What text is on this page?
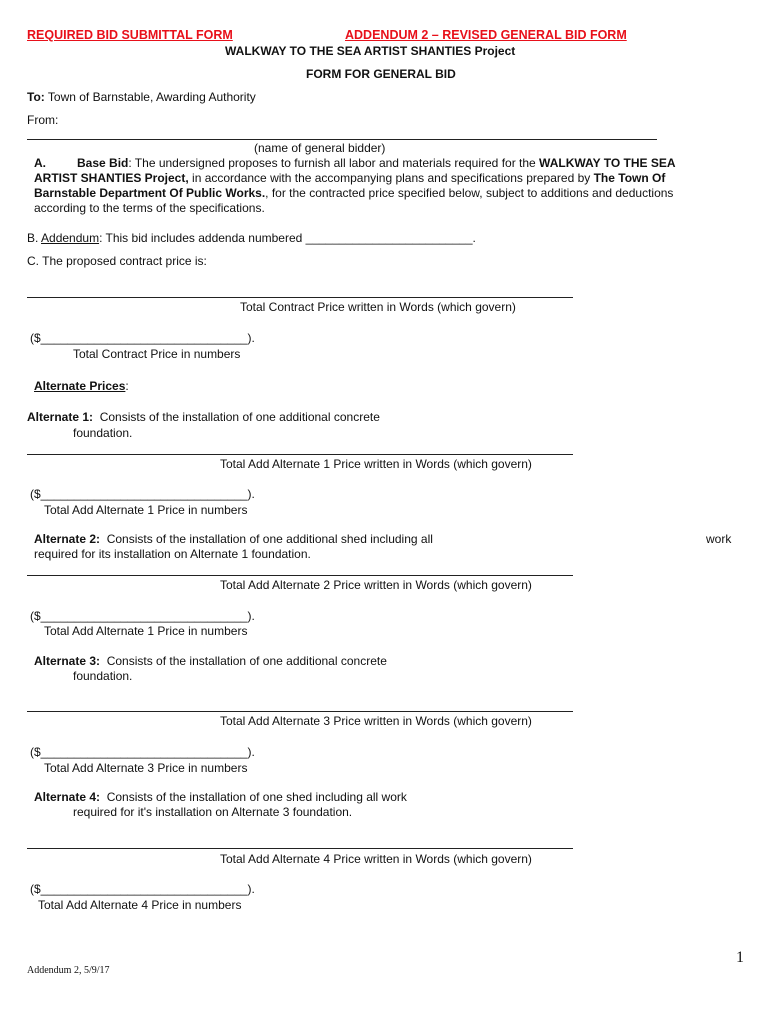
REQUIRED BID SUBMITTAL FORM	ADDENDUM 2 – REVISED GENERAL BID FORM
WALKWAY TO THE SEA ARTIST SHANTIES Project
FORM FOR GENERAL BID
To: Town of Barnstable, Awarding Authority
From:
(name of general bidder)
A.	Base Bid: The undersigned proposes to furnish all labor and materials required for the WALKWAY TO THE SEA
ARTIST SHANTIES Project, in accordance with the accompanying plans and specifications prepared by The Town Of
Barnstable Department Of Public Works., for the contracted price specified below, subject to additions and deductions
according to the terms of the specifications.
B. Addendum: This bid includes addenda numbered _________________________.
C. The proposed contract price is:
Total Contract Price written in Words (which govern)
($_______________________________).
Total Contract Price in numbers
Alternate Prices:
Alternate 1: Consists of the installation of one additional concrete
foundation.
Total Add Alternate 1 Price written in Words (which govern)
($_______________________________).
Total Add Alternate 1 Price in numbers
Alternate 2: Consists of the installation of one additional shed including all	work
required for its installation on Alternate 1 foundation.
Total Add Alternate 2 Price written in Words (which govern)
($_______________________________).
Total Add Alternate 1 Price in numbers
Alternate 3: Consists of the installation of one additional concrete
foundation.
Total Add Alternate 3 Price written in Words (which govern)
($_______________________________).
Total Add Alternate 3 Price in numbers
Alternate 4: Consists of the installation of one shed including all work
required for it's installation on Alternate 3 foundation.
Total Add Alternate 4 Price written in Words (which govern)
($_______________________________).
Total Add Alternate 4 Price in numbers
1
Addendum 2, 5/9/17
